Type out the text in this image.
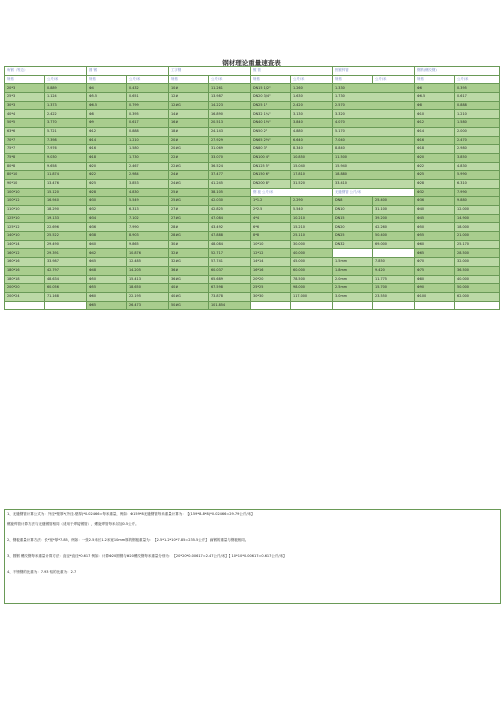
钢材理论重量速查表
角钢（等边）		圆 钢		工字钢		镀 管		热镀锌管		钢筋(螺纹钢)	
规格	公斤/米	规格	公斤/米	规格	公斤/米	规格	公斤/米	规格	公斤/米	规格	公斤/米
20*3	0.889	Φ4	0.432	10#	11.261	DN15 1/2"	1.260	1.330		Φ6	0.395
25*3	1.124	Φ5.5	0.651	12#	13.987	DN20 3/4"	1.630	1.730		Φ6.5	0.617
30*3	1.373	Φ6.5	0.799	12#G	14.223	DN25 1"	2.420	2.570		Φ8	0.888
40*4	2.422	Φ8	0.395	14#	16.890	DN32 1¼"	3.130	3.320		Φ10	1.210
50*5	3.770	Φ9	0.617	16#	20.513	DN40 1½"	3.840	4.070		Φ12	1.580
63*6	5.721	Φ12	0.888	18#	24.143	DN50 2"	4.880	5.170		Φ14	2.000
70*7	7.398	Φ14	1.210	20#	27.929	DN65 2½"	6.640	7.040		Φ16	2.470
75*7	7.976	Φ16	1.580	20#G	31.069	DN80 3"	8.340	8.840		Φ18	2.980
75*8	9.030	Φ18	1.730	22#	33.070	DN100 4"	10.850	11.500		Φ20	3.850
80*8	9.658	Φ20	2.467	22#G	36.524	DN125 5"	15.040	15.940		Φ22	4.830
80*10	11.874	Φ22	2.984	24#	37.477	DN150 6"	17.810	18.880		Φ25	5.990
90*10	13.476	Φ25	3.853	24#G	41.245	DN200 8"	31.520	33.410		Φ28	6.310
100*10	15.120	Φ28	4.830	25#	38.105	钢 板 公斤/米		无缝钢管 公斤/米		Φ32	7.990
100*12	16.940	Φ30	5.549	25#G	42.030	1*1.2	2.290	DN8	25.400	Φ36	9.880
110*10	18.290	Φ32	6.313	27#	42.825	2*2.5	5.540	DN10	31.100	Φ40	12.000
125*10	19.133	Φ34	7.102	27#G	47.084	4*4	10.210	DN15	39.200	Φ45	14.900
125*12	22.696	Φ36	7.990	28#	43.492	6*6	15.210	DN20	42.260	Φ50	18.000
140*10	25.522	Φ38	8.903	28#G	47.888	8*8	25.110	DN25	50.400	Φ55	21.000
140*14	29.490	Φ40	9.865	30#	48.084	10*10	30.000	DN32	69.000	Φ60	25.170
160*12	29.391	Φ42	10.876	32#	52.717	12*12	40.000			Φ65	28.500
160*16	33.987	Φ45	12.485	32#G	57.741	14*14	45.000	1.5mm	7.850	Φ70	32.000
180*16	42.797	Φ48	14.205	36#	60.037	16*16	60.000	1.8mm	9.420	Φ75	36.500
180*18	48.634	Φ50	15.413	36#G	65.689	20*20	78.500	2.0mm	11.775	Φ80	40.000
200*20	60.056	Φ55	18.650	40#	67.598	25*25	98.000	2.5mm	15.700	Φ90	50.000
200*24	71.168	Φ60	22.195	40#G	73.878	30*30	117.000	3.0mm	23.550	Φ100	62.000
		Φ65	26.473	50#G	101.854						
1、无缝钢管计算公式为：外径*壁厚*(外径-壁厚)*0.02466=每米重量，例如：Φ159*8无缝钢管每米重量计算为：【(159*8-8*8)*0.02466=29.79公斤/米】
螺旋焊管计算方法与无缝钢管相同（适用于焊接钢管），螺旋焊管每米另加0.5公斤。
2、钢板重量计算方法：长*宽*厚*7.85，例如：一张2.5米长1.2米宽10mm厚的钢板重量为：【2.5*1.2*10*7.85=235.5公斤】 扁钢的重量与钢板相同。
3、圆钢 螺纹钢每米重量计算方法：直径*直径*0.617 例如：计算Φ20圆钢与Φ20螺纹钢每米重量分别为：【20*20*0.00617=2.47公斤/米】【 10*10*0.00617=0.617公斤/米】
4、不锈钢的比重为：7.93 铝的比重为：2.7
